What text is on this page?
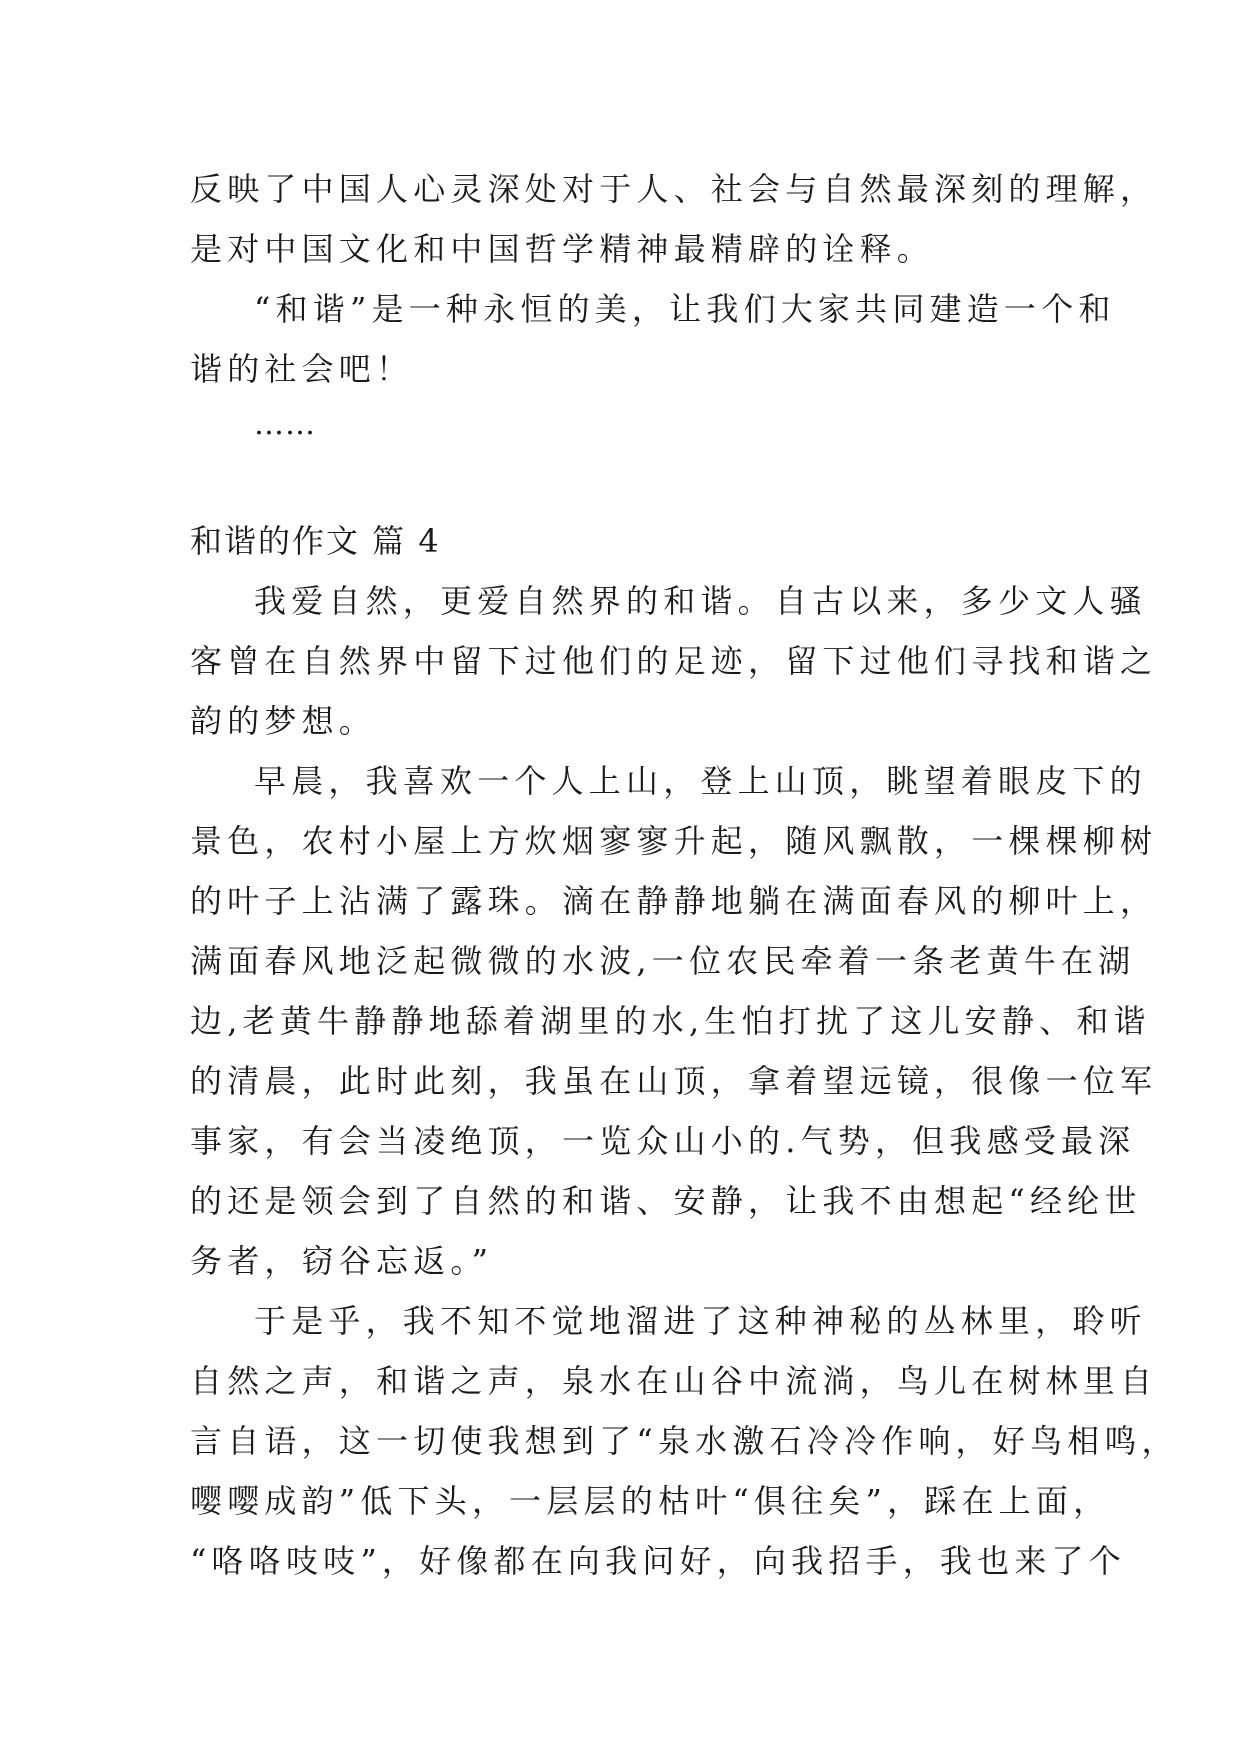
反映了中国人心灵深处对于人、社会与自然最深刻的理解，
是对中国文化和中国哲学精神最精辟的诠释。
“和谐”是一种永恒的美，让我们大家共同建造一个和
谐的社会吧！
……
和谐的作文 篇 4
我爱自然，更爱自然界的和谐。自古以来，多少文人骚
客曾在自然界中留下过他们的足迹，留下过他们寻找和谐之
韵的梦想。
早晨，我喜欢一个人上山，登上山顶，眺望着眼皮下的
景色，农村小屋上方炊烟寥寥升起，随风飘散，一棵棵柳树
的叶子上沾满了露珠。滴在静静地躺在满面春风的柳叶上，
满面春风地泛起微微的水波,一位农民牵着一条老黄牛在湖
边,老黄牛静静地舔着湖里的水,生怕打扰了这儿安静、和谐
的清晨，此时此刻，我虽在山顶，拿着望远镜，很像一位军
事家，有会当凌绝顶，一览众山小的.气势，但我感受最深
的还是领会到了自然的和谐、安静，让我不由想起“经纶世
务者，窃谷忘返。”
于是乎，我不知不觉地溜进了这种神秘的丛林里，聆听
自然之声，和谐之声，泉水在山谷中流淌，鸟儿在树林里自
言自语，这一切使我想到了“泉水激石冷冷作响，好鸟相鸣，
嘤嘤成韵”低下头，一层层的枯叶“俱往矣”，踩在上面，
“咯咯吱吱”，好像都在向我问好，向我招手，我也来了个
